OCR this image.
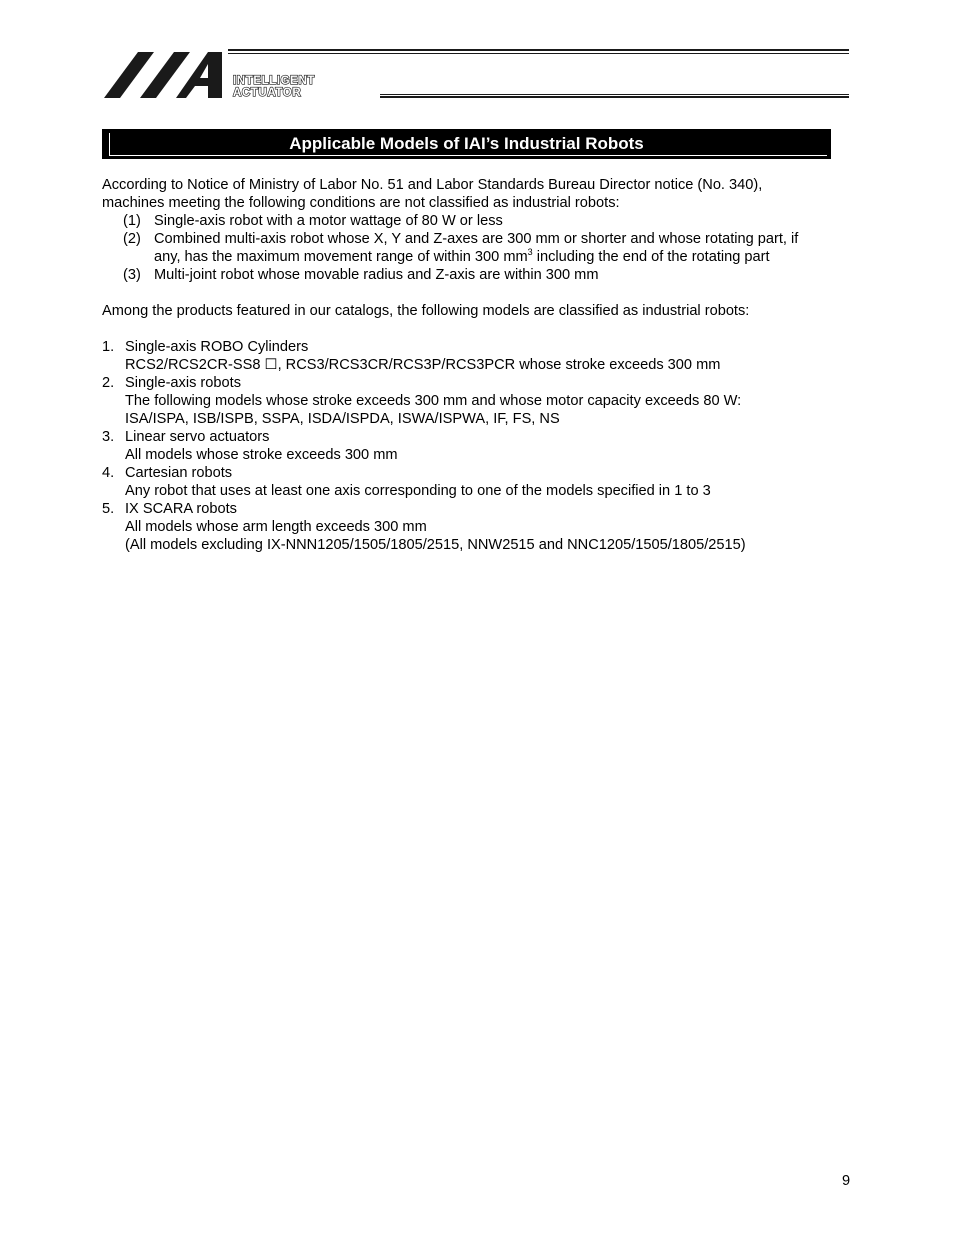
INTELLIGENT
ACTUATOR
Applicable Models of IAI’s Industrial Robots

According to Notice of Ministry of Labor No. 51 and Labor Standards Bureau Director notice (No. 340),

machines meeting the following conditions are not classified as industrial robots:

(1) Single-axis robot with a motor wattage of 80 W or less
(2) Combined multi-axis robot whose X, Y and Z-axes are 300 mm or shorter and whose rotating part, if
any, has the maximum movement range of within 300 $mm^3$ including the end of the rotating part
(3) Multi-joint robot whose movable radius and Z-axis are within 300 mm

Among the products featured in our catalogs, the following models are classified as industrial robots:

1. Single-axis ROBO Cylinders
RCS2/RCS2CR-SS8 ☐, RCS3/RCS3CR/RCS3P/RCS3PCR whose stroke exceeds 300 mm
2. Single-axis robots
The following models whose stroke exceeds 300 mm and whose motor capacity exceeds 80 W:
ISA/ISPA, ISB/ISPB, SSPA, ISDA/ISPDA, ISWA/ISPWA, IF, FS, NS
3. Linear servo actuators
All models whose stroke exceeds 300 mm
4. Cartesian robots
Any robot that uses at least one axis corresponding to one of the models specified in 1 to 3
5. IX SCARA robots
All models whose arm length exceeds 300 mm
(All models excluding IX-NNN1205/1505/1805/2515, NNW2515 and NNC1205/1505/1805/2515)
9
